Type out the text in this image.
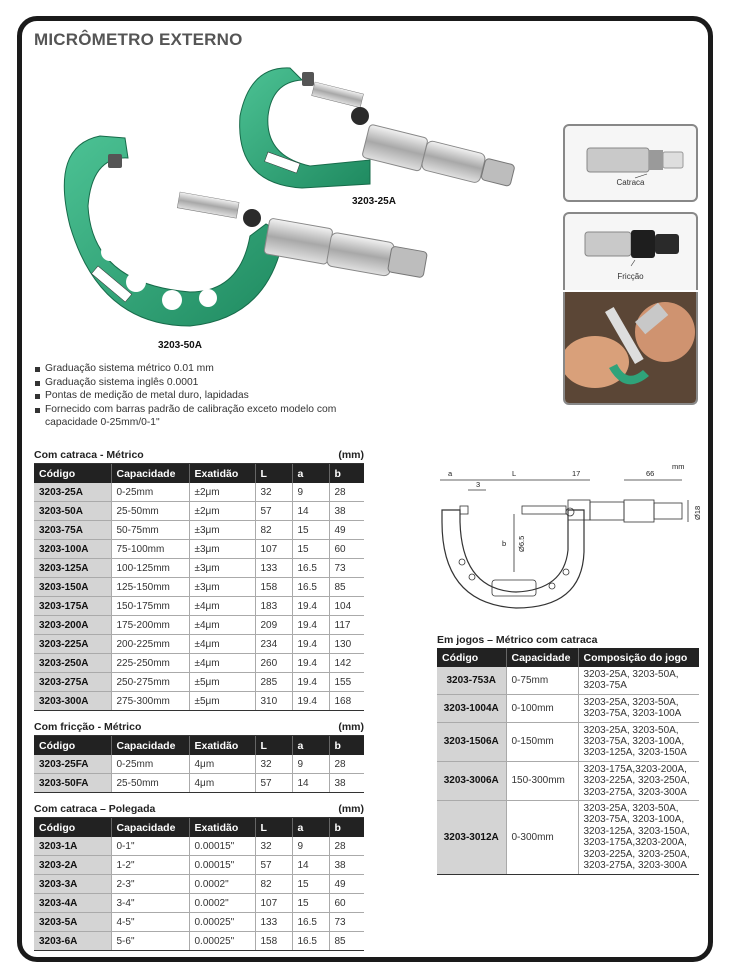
MICRÔMETRO EXTERNO
3203-25A
3203-50A
Catraca
Fricção
Graduação sistema métrico 0.01 mm
Graduação sistema inglês 0.0001
Pontas de medição de metal duro, lapidadas
Fornecido com barras padrão de calibração exceto modelo com capacidade 0-25mm/0-1"
Com catraca - Métrico	(mm)
Código	Capacidade	Exatidão	L	a	b
3203-25A	0-25mm	±2μm	32	9	28
3203-50A	25-50mm	±2μm	57	14	38
3203-75A	50-75mm	±3μm	82	15	49
3203-100A	75-100mm	±3μm	107	15	60
3203-125A	100-125mm	±3μm	133	16.5	73
3203-150A	125-150mm	±3μm	158	16.5	85
3203-175A	150-175mm	±4μm	183	19.4	104
3203-200A	175-200mm	±4μm	209	19.4	117
3203-225A	200-225mm	±4μm	234	19.4	130
3203-250A	225-250mm	±4μm	260	19.4	142
3203-275A	250-275mm	±5μm	285	19.4	155
3203-300A	275-300mm	±5μm	310	19.4	168
Com fricção - Métrico	(mm)
Código	Capacidade	Exatidão	L	a	b
3203-25FA	0-25mm	4μm	32	9	28
3203-50FA	25-50mm	4μm	57	14	38
Com catraca – Polegada	(mm)
Código	Capacidade	Exatidão	L	a	b
3203-1A	0-1"	0.00015"	32	9	28
3203-2A	1-2"	0.00015"	57	14	38
3203-3A	2-3"	0.0002"	82	15	49
3203-4A	3-4"	0.0002"	107	15	60
3203-5A	4-5"	0.00025"	133	16.5	73
3203-6A	5-6"	0.00025"	158	16.5	85
a	L	17	66
mm
3
b Ø6.5
Ø18
Em jogos – Métrico com catraca
Código	Capacidade	Composição do jogo
3203-753A	0-75mm	3203-25A, 3203-50A, 3203-75A
3203-1004A	0-100mm	3203-25A, 3203-50A, 3203-75A, 3203-100A
3203-1506A	0-150mm	3203-25A, 3203-50A, 3203-75A, 3203-100A, 3203-125A, 3203-150A
3203-3006A	150-300mm	3203-175A,3203-200A, 3203-225A, 3203-250A, 3203-275A, 3203-300A
3203-3012A	0-300mm	3203-25A, 3203-50A, 3203-75A, 3203-100A, 3203-125A, 3203-150A, 3203-175A,3203-200A, 3203-225A, 3203-250A, 3203-275A, 3203-300A
